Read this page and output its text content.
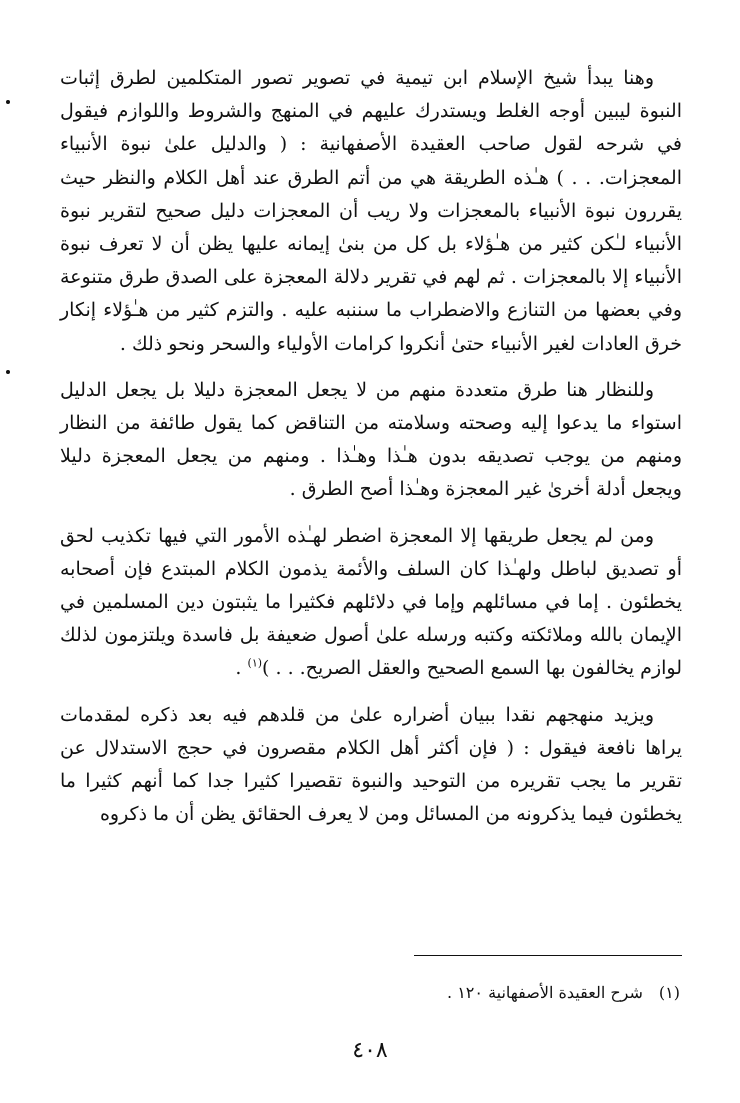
وهنا يبدأ شيخ الإسلام ابن تيمية في تصوير تصور المتكلمين لطرق إثبات النبوة ليبين أوجه الغلط ويستدرك عليهم في المنهج والشروط واللوازم فيقول في شرحه لقول صاحب العقيدة الأصفهانية : ( والدليل علىٰ نبوة الأنبياء المعجزات. . . ) هـٰذه الطريقة هي من أتم الطرق عند أهل الكلام والنظر حيث يقررون نبوة الأنبياء بالمعجزات ولا ريب أن المعجزات دليل صحيح لتقرير نبوة الأنبياء لـٰكن كثير من هـٰؤلاء بل كل من بنىٰ إيمانه عليها يظن أن لا تعرف نبوة الأنبياء إلا بالمعجزات . ثم لهم في تقرير دلالة المعجزة على الصدق طرق متنوعة وفي بعضها من التنازع والاضطراب ما سننبه عليه . والتزم كثير من هـٰؤلاء إنكار خرق العادات لغير الأنبياء حتىٰ أنكروا كرامات الأولياء والسحر ونحو ذلك .

وللنظار هنا طرق متعددة منهم من لا يجعل المعجزة دليلا بل يجعل الدليل استواء ما يدعوا إليه وصحته وسلامته من التناقض كما يقول طائفة من النظار ومنهم من يوجب تصديقه بدون هـٰذا وهـٰذا . ومنهم من يجعل المعجزة دليلا ويجعل أدلة أخرىٰ غير المعجزة وهـٰذا أصح الطرق .

ومن لم يجعل طريقها إلا المعجزة اضطر لهـٰذه الأمور التي فيها تكذيب لحق أو تصديق لباطل ولهـٰذا كان السلف والأئمة يذمون الكلام المبتدع فإن أصحابه يخطئون . إما في مسائلهم وإما في دلائلهم فكثيرا ما يثبتون دين المسلمين في الإيمان بالله وملائكته وكتبه ورسله علىٰ أصول ضعيفة بل فاسدة ويلتزمون لذلك لوازم يخالفون بها السمع الصحيح والعقل الصريح. . . )$^{(١)}$ .

ويزيد منهجهم نقدا ببيان أضراره علىٰ من قلدهم فيه بعد ذكره لمقدمات يراها نافعة فيقول : ( فإن أكثر أهل الكلام مقصرون في حجج الاستدلال عن تقرير ما يجب تقريره من التوحيد والنبوة تقصيرا كثيرا جدا كما أنهم كثيرا ما يخطئون فيما يذكرونه من المسائل ومن لا يعرف الحقائق يظن أن ما ذكروه

(١)شرح العقيدة الأصفهانية ١٢٠ .
٤٠٨
